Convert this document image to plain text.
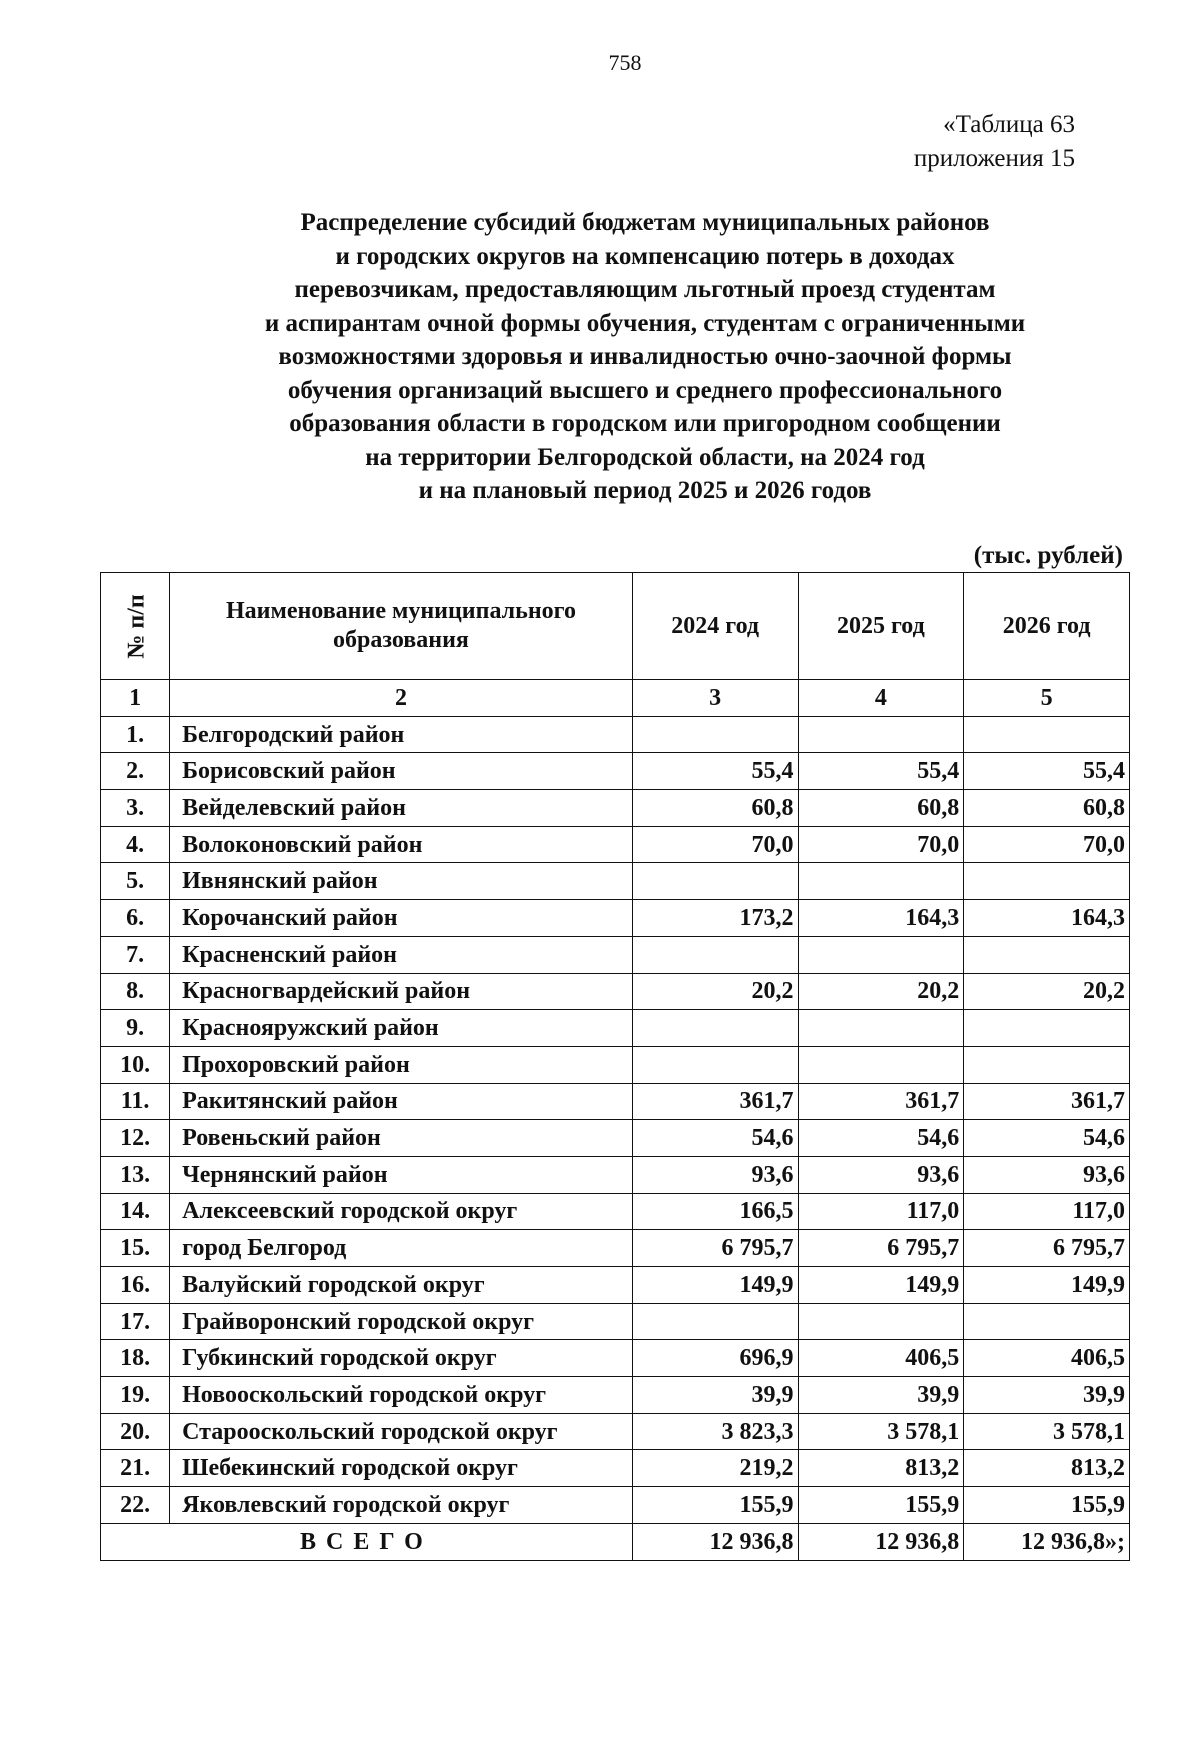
758
«Таблица 63
приложения 15
Распределение субсидий бюджетам муниципальных районов
и городских округов на компенсацию потерь в доходах
перевозчикам, предоставляющим льготный проезд студентам
и аспирантам очной формы обучения, студентам с ограниченными
возможностями здоровья и инвалидностью очно-заочной формы
обучения организаций высшего и среднего профессионального
образования области в городском или пригородном сообщении
на территории Белгородской области, на 2024 год
и на плановый период 2025 и 2026 годов
(тыс. рублей)
№ п/п	Наименование муниципального образования	2024 год	2025 год	2026 год
1	2	3	4	5
1.	Белгородский район			
2.	Борисовский район	55,4	55,4	55,4
3.	Вейделевский район	60,8	60,8	60,8
4.	Волоконовский район	70,0	70,0	70,0
5.	Ивнянский район			
6.	Корочанский район	173,2	164,3	164,3
7.	Красненский район			
8.	Красногвардейский район	20,2	20,2	20,2
9.	Краснояружский район			
10.	Прохоровский район			
11.	Ракитянский район	361,7	361,7	361,7
12.	Ровеньский район	54,6	54,6	54,6
13.	Чернянский район	93,6	93,6	93,6
14.	Алексеевский городской округ	166,5	117,0	117,0
15.	город Белгород	6 795,7	6 795,7	6 795,7
16.	Валуйский городской округ	149,9	149,9	149,9
17.	Грайворонский городской округ			
18.	Губкинский городской округ	696,9	406,5	406,5
19.	Новооскольский городской округ	39,9	39,9	39,9
20.	Старооскольский городской округ	3 823,3	3 578,1	3 578,1
21.	Шебекинский городской округ	219,2	813,2	813,2
22.	Яковлевский городской округ	155,9	155,9	155,9
ВСЕГО		12 936,8	12 936,8	12 936,8»;
